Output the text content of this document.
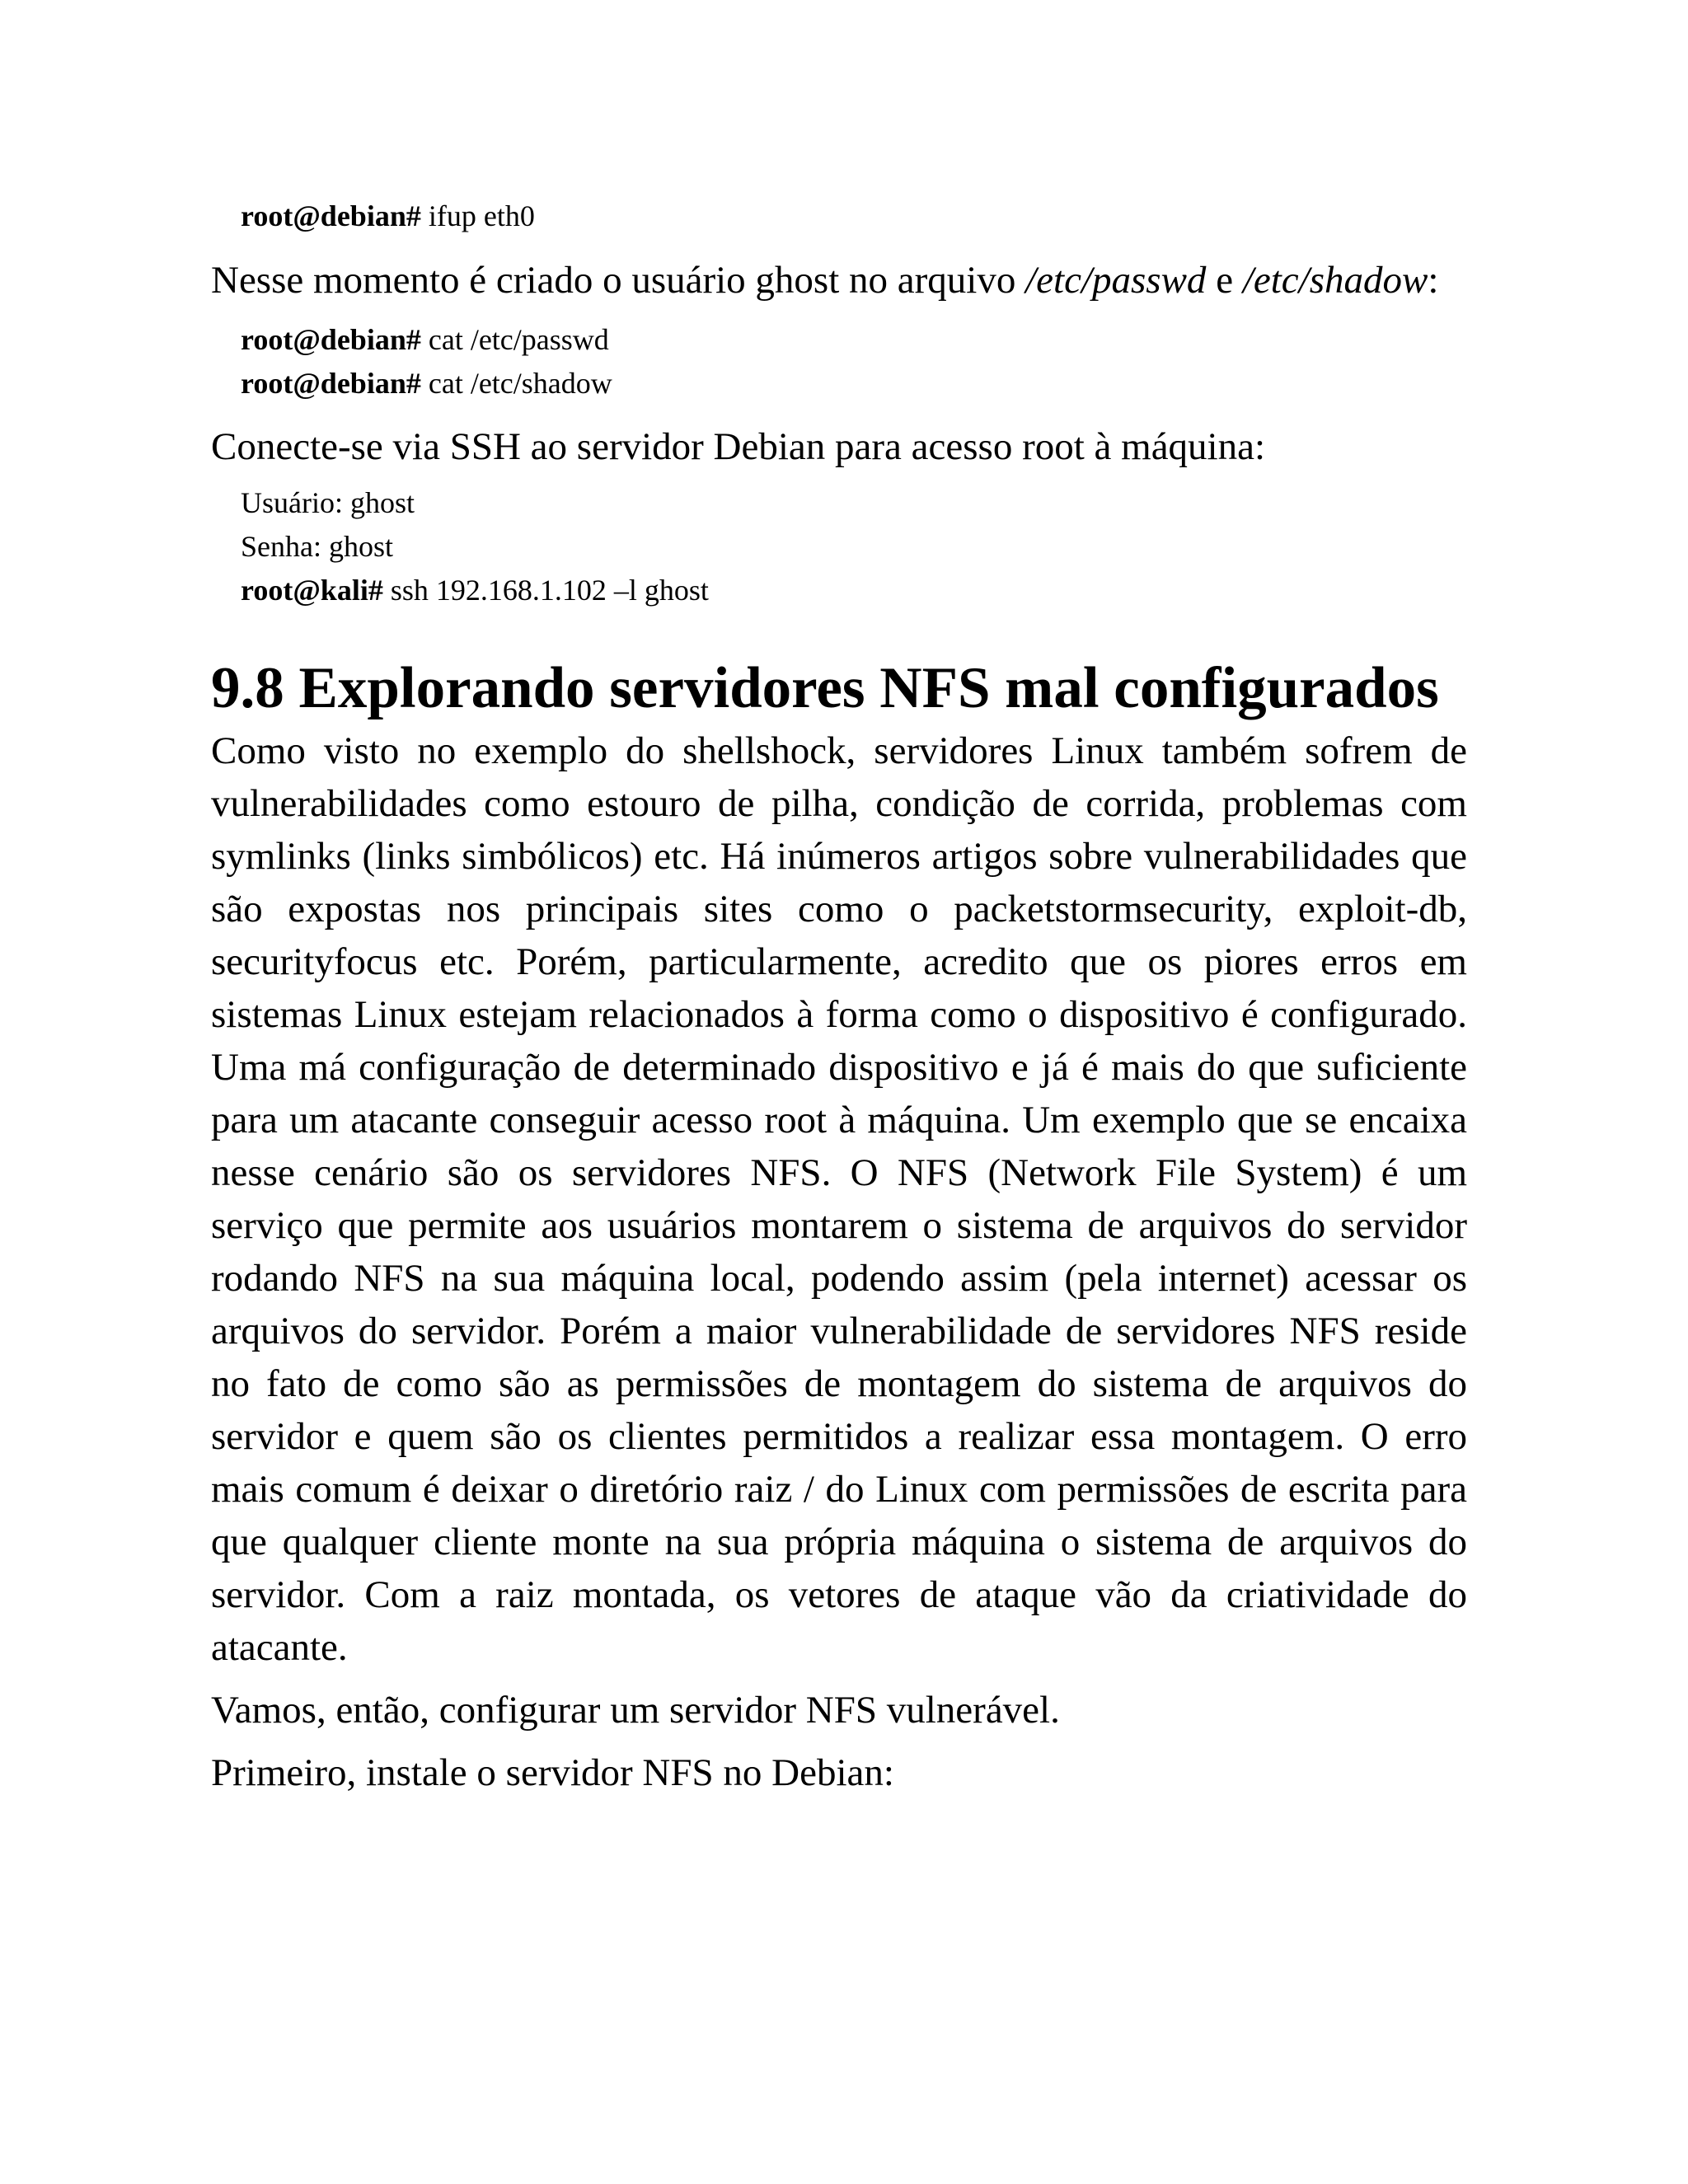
root@debian# ifup eth0

Nesse momento é criado o usuário ghost no arquivo /etc/passwd e /etc/shadow:

root@debian# cat /etc/passwd
root@debian# cat /etc/shadow

Conecte-se via SSH ao servidor Debian para acesso root à máquina:

Usuário: ghost
Senha: ghost
root@kali# ssh 192.168.1.102 –l ghost
9.8 Explorando servidores NFS mal configurados

Como visto no exemplo do shellshock, servidores Linux também sofrem de vulnerabilidades como estouro de pilha, condição de corrida, problemas com symlinks (links simbólicos) etc. Há inúmeros artigos sobre vulnerabilidades que são expostas nos principais sites como o packetstormsecurity, exploit-db, securityfocus etc. Porém, particularmente, acredito que os piores erros em sistemas Linux estejam relacionados à forma como o dispositivo é configurado. Uma má configuração de determinado dispositivo e já é mais do que suficiente para um atacante conseguir acesso root à máquina. Um exemplo que se encaixa nesse cenário são os servidores NFS. O NFS (Network File System) é um serviço que permite aos usuários montarem o sistema de arquivos do servidor rodando NFS na sua máquina local, podendo assim (pela internet) acessar os arquivos do servidor. Porém a maior vulnerabilidade de servidores NFS reside no fato de como são as permissões de montagem do sistema de arquivos do servidor e quem são os clientes permitidos a realizar essa montagem. O erro mais comum é deixar o diretório raiz / do Linux com permissões de escrita para que qualquer cliente monte na sua própria máquina o sistema de arquivos do servidor. Com a raiz montada, os vetores de ataque vão da criatividade do atacante.

Vamos, então, configurar um servidor NFS vulnerável.

Primeiro, instale o servidor NFS no Debian:
